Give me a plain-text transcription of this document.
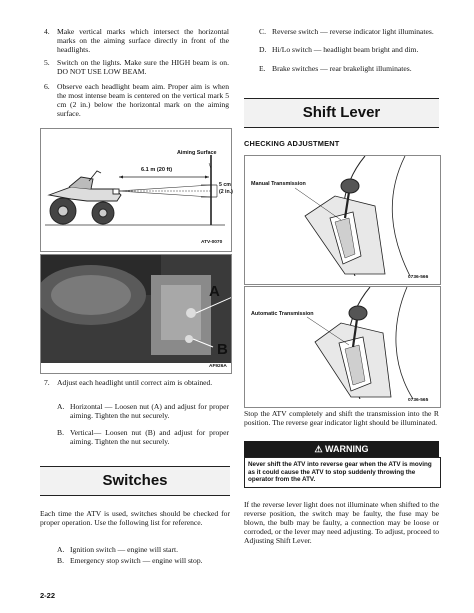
4. Make vertical marks which intersect the horizontal marks on the aiming surface directly in front of the headlights.

5. Switch on the lights. Make sure the HIGH beam is on. DO NOT USE LOW BEAM.

6. Observe each headlight beam aim. Proper aim is when the most intense beam is centered on the vertical mark 5 cm (2 in.) below the horizontal mark on the aiming surface.

Aiming Surface
6.1 m (20 ft)
5 cm
(2 in.)
ATV-0070
A
B
AF926A
7. Adjust each headlight until correct aim is obtained.

A. Horizontal — Loosen nut (A) and adjust for proper aiming. Tighten the nut securely.

B. Vertical— Loosen nut (B) and adjust for proper aiming. Tighten the nut securely.

Switches

Each time the ATV is used, switches should be checked for proper operation. Use the following list for reference.

A. Ignition switch — engine will start.

B. Emergency stop switch — engine will stop.

2-22
C. Reverse switch — reverse indicator light illuminates.

D. Hi/Lo switch — headlight beam bright and dim.

E. Brake switches — rear brakelight illuminates.

Shift Lever
CHECKING ADJUSTMENT
Manual Transmission
0736-566
Automatic Transmission
0736-565

Stop the ATV completely and shift the transmission into the R position. The reverse gear indicator light should be illuminated.

⚠ WARNING

Never shift the ATV into reverse gear when the ATV is moving as it could cause the ATV to stop suddenly throwing the operator from the ATV.

If the reverse lever light does not illuminate when shifted to the reverse position, the switch may be faulty, the fuse may be blown, the bulb may be faulty, a connection may be loose or corroded, or the lever may need adjusting. To adjust, proceed to Adjusting Shift Lever.
